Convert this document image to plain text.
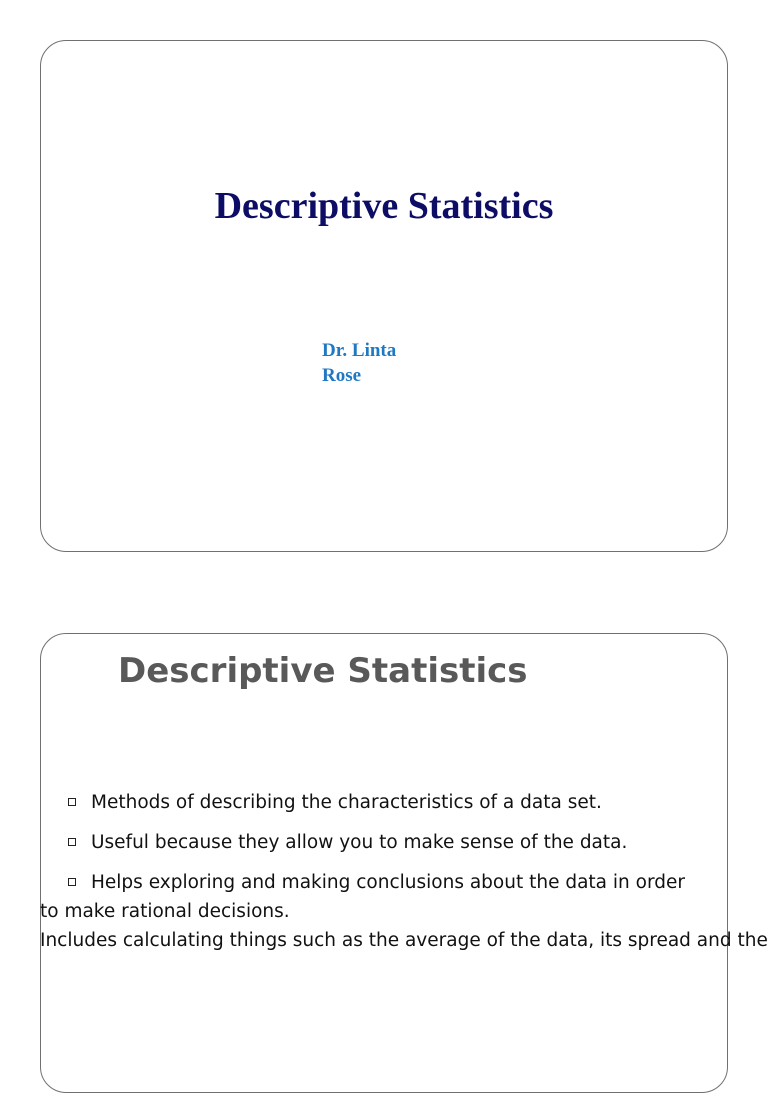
Descriptive Statistics
Dr. Linta
Rose
Descriptive Statistics
Methods of describing the characteristics of a data set.
Useful because they allow you to make sense of the data.
Helps exploring and making conclusions about the data in order
to make rational decisions.
Includes calculating things such as the average of the data, its spread and the
